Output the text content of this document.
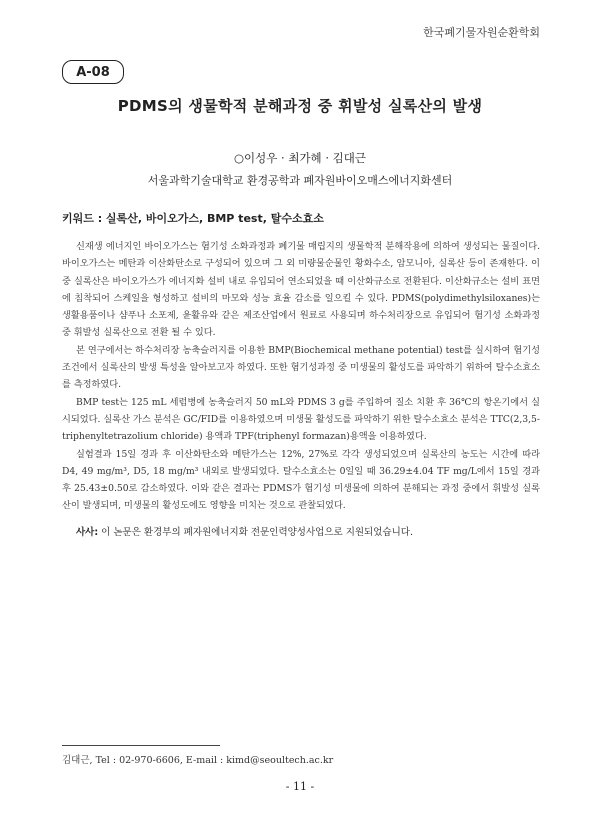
한국폐기물자원순환학회
A-08
PDMS의 생물학적 분해과정 중 휘발성 실록산의 발생
○이성우 · 최가혜 · 김대근
서울과학기술대학교 환경공학과 폐자원바이오매스에너지화센터
키워드 : 실록산, 바이오가스, BMP test, 탈수소효소

신재생 에너지인 바이오가스는 혐기성 소화과정과 폐기물 매립지의 생물학적 분해작용에 의하여 생성되는 물질이다. 바이오가스는 메탄과 이산화탄소로 구성되어 있으며 그 외 미량물순물인 황화수소, 암모니아, 실록산 등이 존재한다. 이 중 실록산은 바이오가스가 에너지화 설비 내로 유입되어 연소되었을 때 이산화규소로 전환된다. 이산화규소는 설비 표면에 침착되어 스케일을 형성하고 설비의 마모와 성능 효율 감소를 일으킬 수 있다. PDMS(polydimethylsiloxanes)는 생활용품이나 샴푸나 소포제, 윤활유와 같은 제조산업에서 원료로 사용되며 하수처리장으로 유입되어 혐기성 소화과정 중 휘발성 실록산으로 전환 될 수 있다.

본 연구에서는 하수처리장 농축슬러지를 이용한 BMP(Biochemical methane potential) test를 실시하여 혐기성 조건에서 실록산의 발생 특성을 알아보고자 하였다. 또한 혐기성과정 중 미생물의 활성도를 파악하기 위하여 탈수소효소를 측정하였다.

BMP test는 125 mL 세럼병에 농축슬러지 50 mL와 PDMS 3 g를 주입하여 질소 치환 후 36℃의 항온기에서 실시되었다. 실록산 가스 분석은 GC/FID를 이용하였으며 미생물 활성도를 파악하기 위한 탈수소효소 분석은 TTC(2,3,5-triphenyltetrazolium chloride) 용액과 TPF(triphenyl formazan)용액을 이용하였다.

실험결과 15일 경과 후 이산화탄소와 메탄가스는 12%, 27%로 각각 생성되었으며 실록산의 농도는 시간에 따라 D4, 49 mg/m³, D5, 18 mg/m³ 내외로 발생되었다. 탈수소효소는 0일일 때 36.29±4.04 TF mg/L에서 15일 경과 후 25.43±0.50로 감소하였다. 이와 같은 결과는 PDMS가 혐기성 미생물에 의하여 분해되는 과정 중에서 휘발성 실록산이 발생되며, 미생물의 활성도에도 영향을 미치는 것으로 관찰되었다.

사사: 이 논문은 환경부의 폐자원에너지화 전문인력양성사업으로 지원되었습니다.
김대근, Tel : 02-970-6606, E-mail : kimd@seoultech.ac.kr
- 11 -
